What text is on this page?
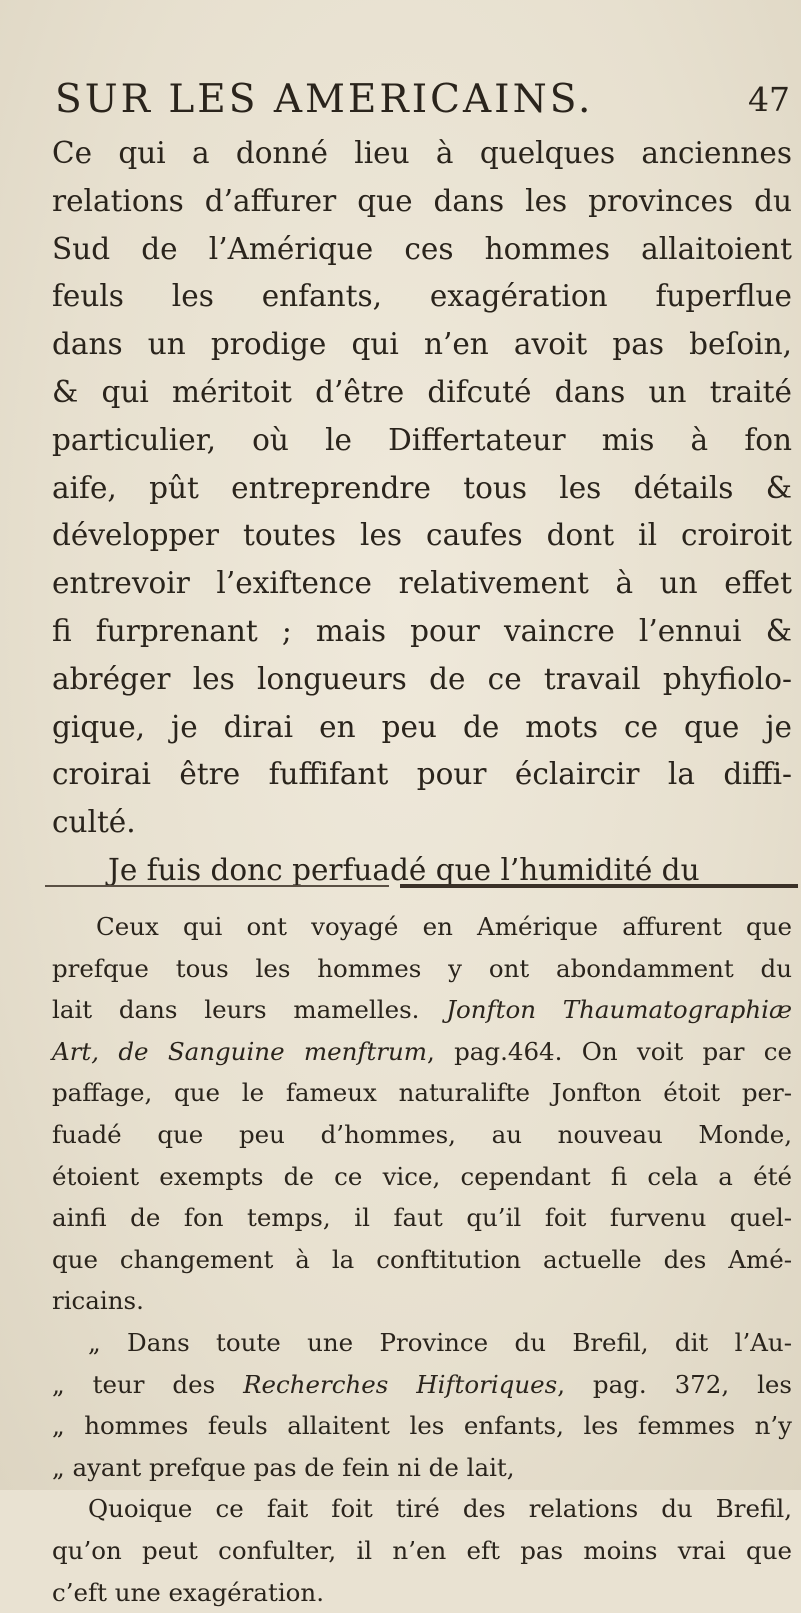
SUR LES AMERICAINS.	47
Ce qui a donné lieu à quelques anciennes
relations d’affurer que dans les provinces du
Sud de l’Amérique ces hommes allaitoient
feuls les enfants, exagération fuperflue
dans un prodige qui n’en avoit pas beſoin,
& qui méritoit d’être difcuté dans un traité
particulier, où le Differtateur mis à fon
aife, pût entreprendre tous les détails &
développer toutes les caufes dont il croiroit
entrevoir l’exiftence relativement à un effet
fi furprenant ; mais pour vaincre l’ennui &
abréger les longueurs de ce travail phyfiolo-
gique, je dirai en peu de mots ce que je
croirai être fuffifant pour éclaircir la diffi-
culté.
Je fuis donc perfuadé que l’humidité du
Ceux qui ont voyagé en Amérique affurent que
prefque tous les hommes y ont abondamment du
lait dans leurs mamelles. Jonfton Thaumatographiæ
Art, de Sanguine menftrum, pag.464. On voit par ce
paffage, que le fameux naturalifte Jonfton étoit per-
fuadé que peu d’hommes, au nouveau Monde,
étoient exempts de ce vice, cependant fi cela a été
ainfi de fon temps, il faut qu’il foit furvenu quel-
que changement à la conftitution actuelle des Amé-
ricains.
„ Dans toute une Province du Brefil, dit l’Au-
„ teur des Recherches Hiftoriques, pag. 372, les
„ hommes feuls allaitent les enfants, les femmes n’y
„ ayant prefque pas de fein ni de lait,
Quoique ce fait foit tiré des relations du Brefil,
qu’on peut confulter, il n’en eft pas moins vrai que
c’eft une exagération.
